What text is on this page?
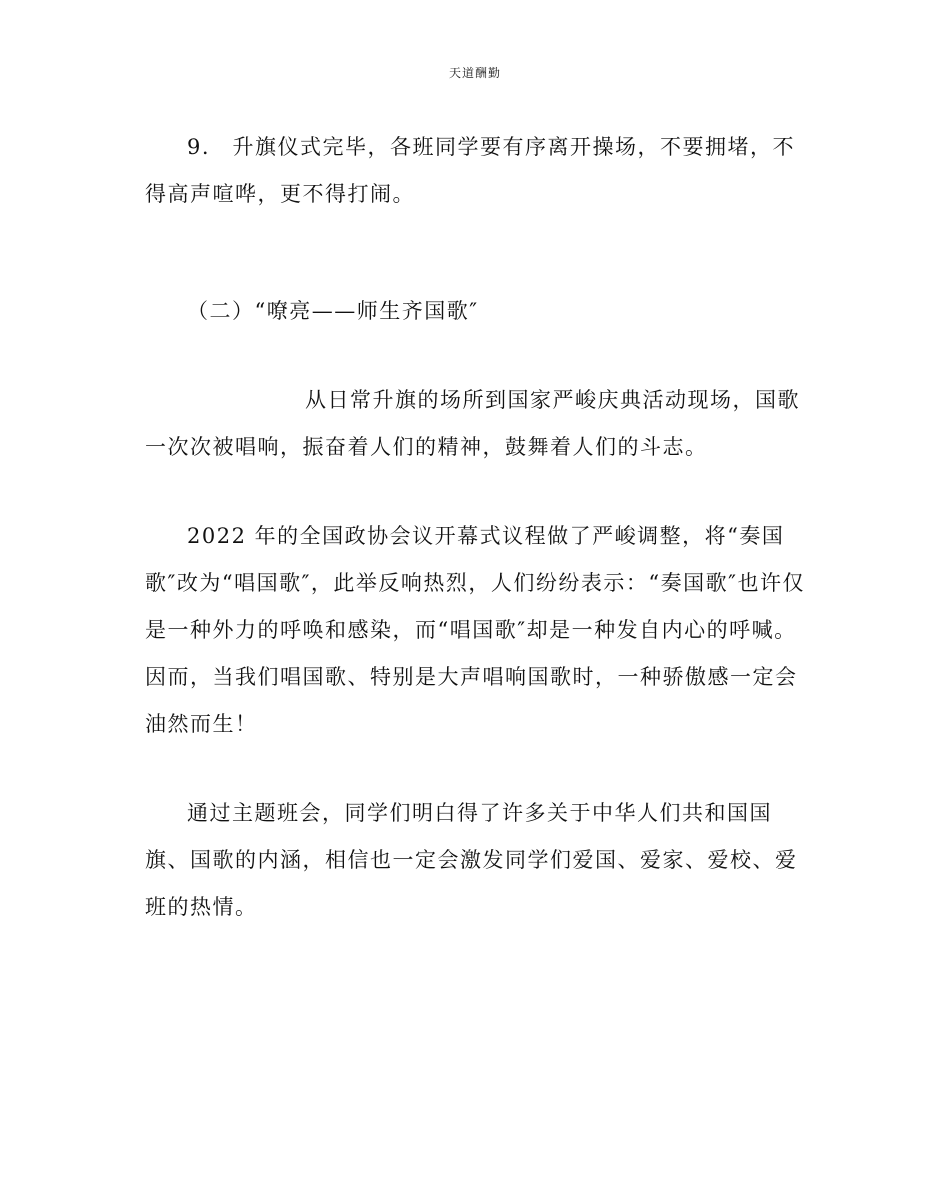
天道酬勤

9.　升旗仪式完毕，各班同学要有序离开操场，不要拥堵，不得高声喧哗，更不得打闹。

（二）“嘹亮——师生齐国歌″

从日常升旗的场所到国家严峻庆典活动现场，国歌一次次被唱响，振奋着人们的精神，鼓舞着人们的斗志。

2022 年的全国政协会议开幕式议程做了严峻调整，将“奏国歌″改为“唱国歌″，此举反响热烈，人们纷纷表示：“奏国歌″也许仅是一种外力的呼唤和感染，而“唱国歌″却是一种发自内心的呼喊。因而，当我们唱国歌、特别是大声唱响国歌时，一种骄傲感一定会油然而生！

通过主题班会，同学们明白得了许多关于中华人们共和国国旗、国歌的内涵，相信也一定会激发同学们爱国、爱家、爱校、爱班的热情。
